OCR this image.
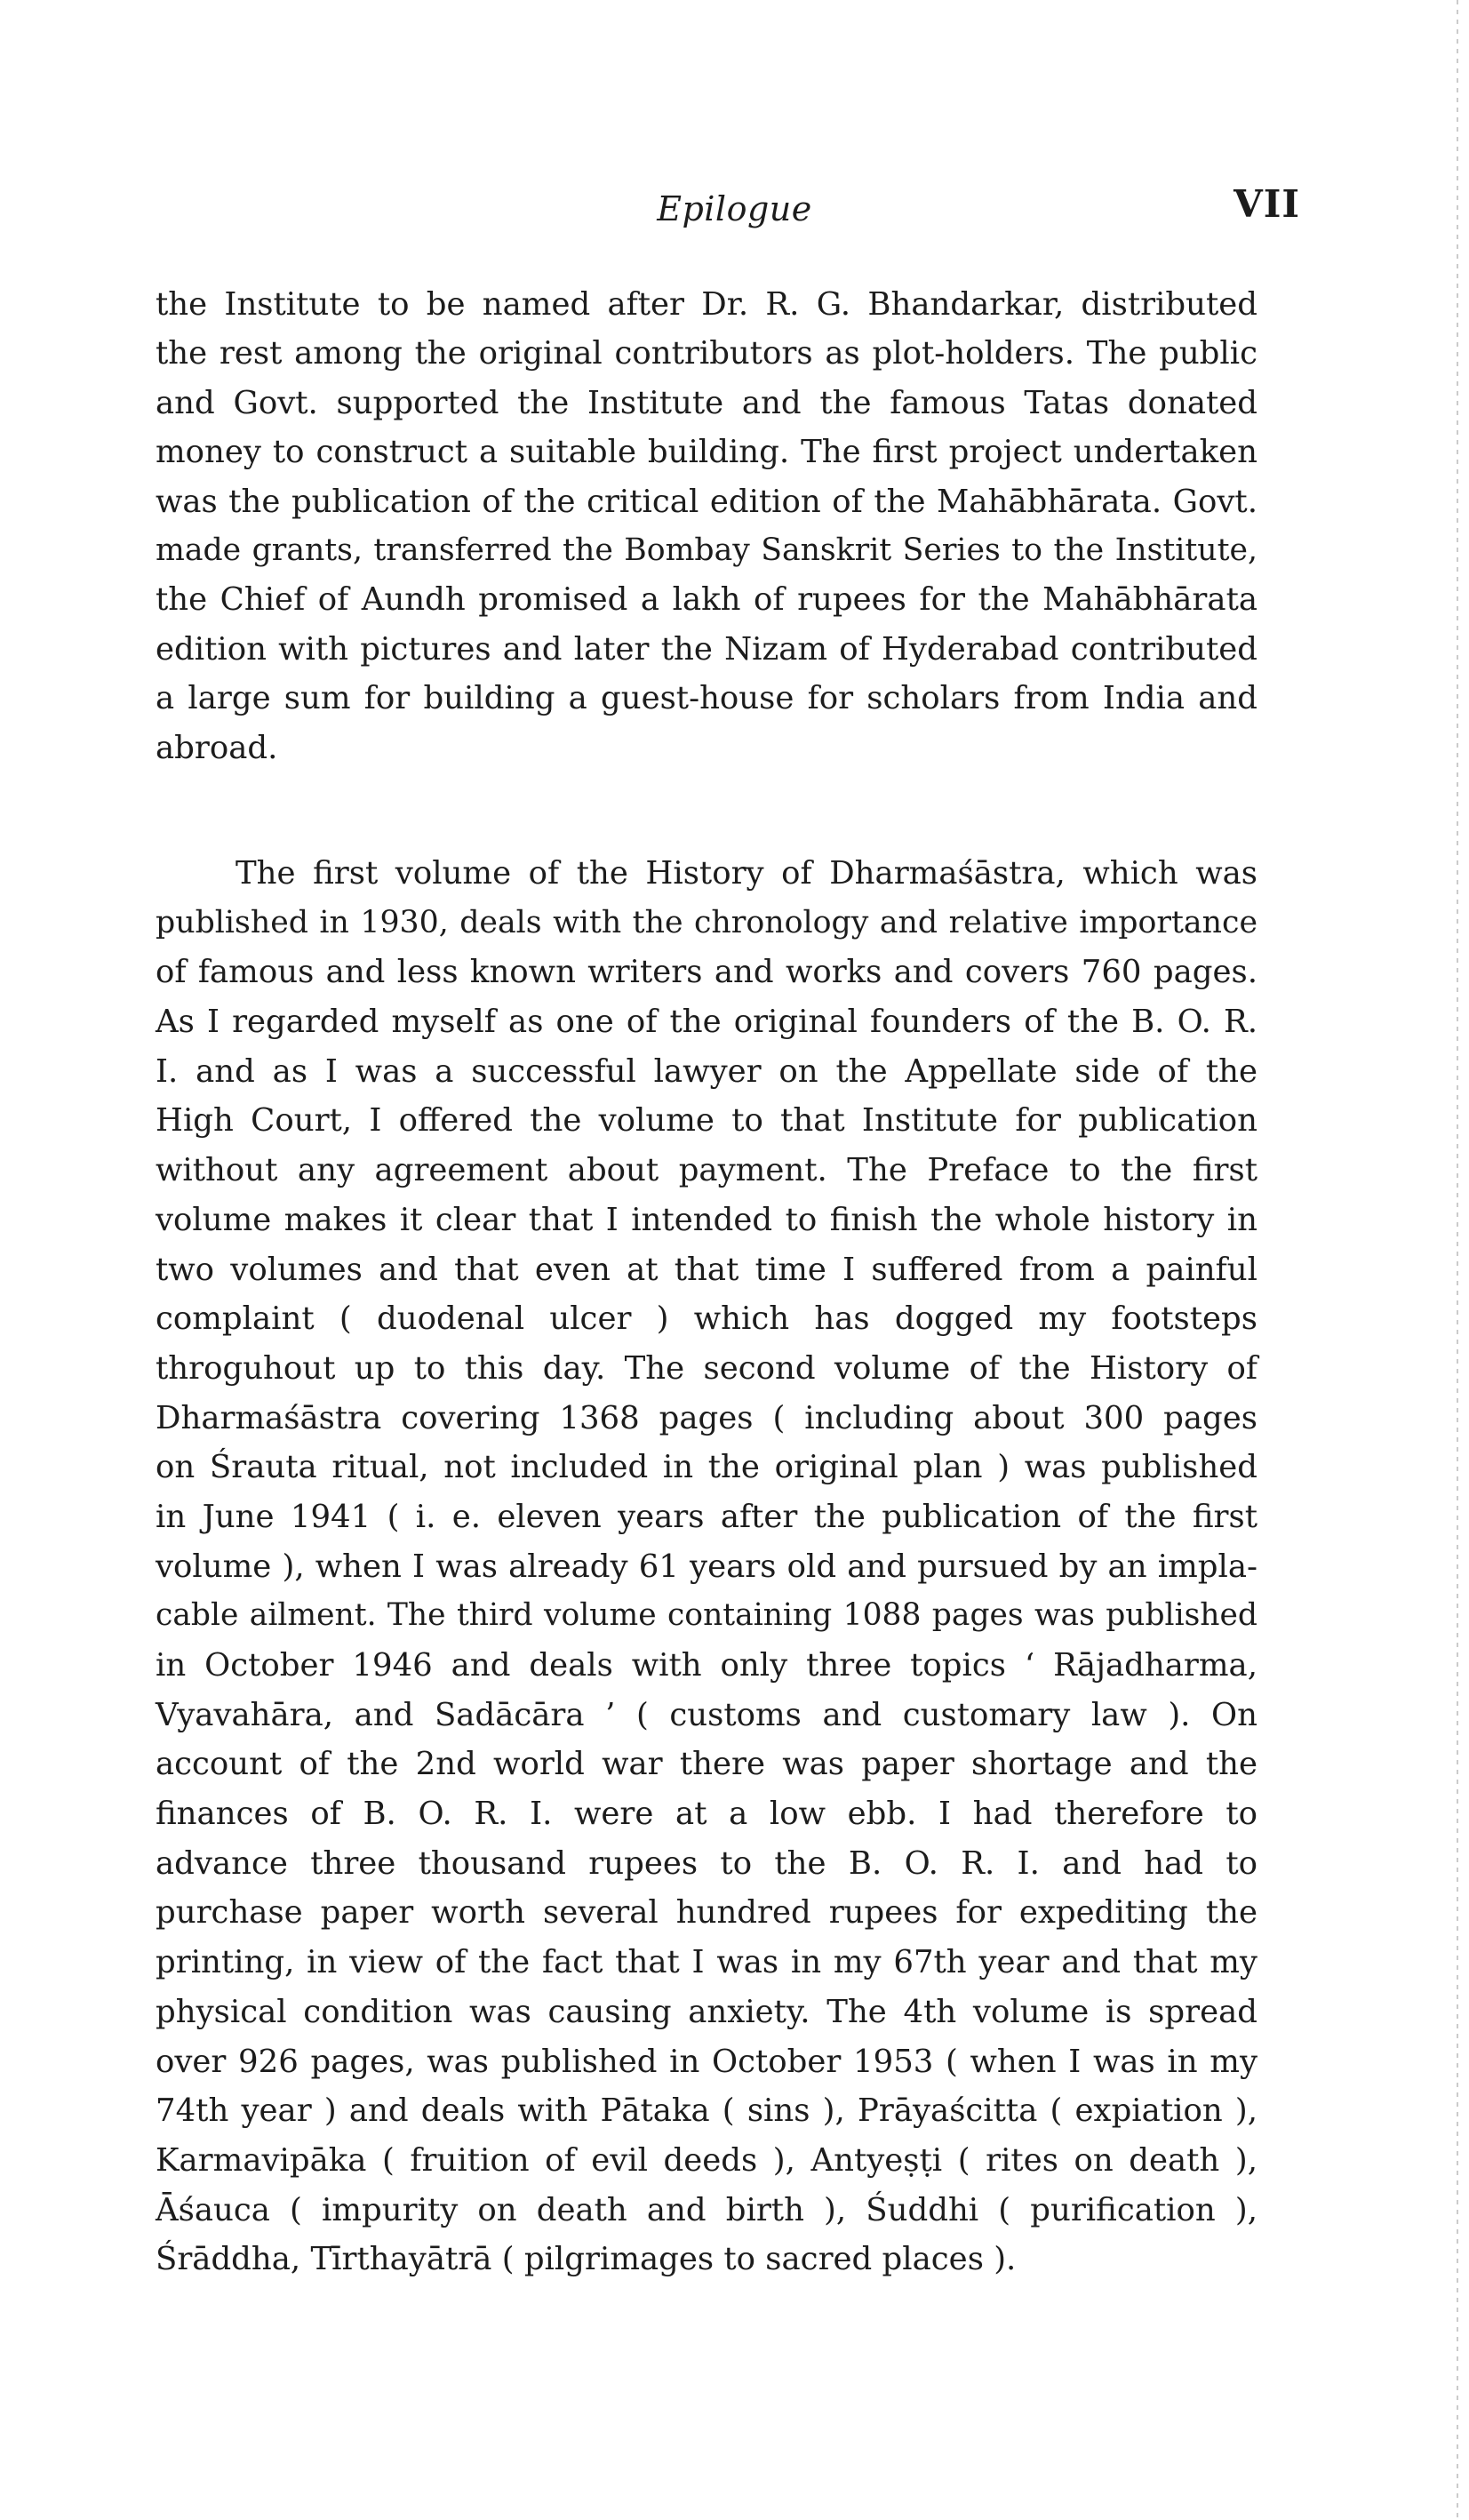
Epilogue	VII
the Institute to be named after Dr. R. G. Bhandarkar, distributed
the rest among the original contributors as plot-holders. The public
and Govt. supported the Institute and the famous Tatas donated
money to construct a suitable building. The first project undertaken
was the publication of the critical edition of the Mahābhārata. Govt.
made grants, transferred the Bombay Sanskrit Series to the Institute,
the Chief of Aundh promised a lakh of rupees for the Mahābhārata
edition with pictures and later the Nizam of Hyderabad contributed
a large sum for building a guest-house for scholars from India and
abroad.
The first volume of the History of Dharmaśāstra, which was
published in 1930, deals with the chronology and relative importance
of famous and less known writers and works and covers 760 pages.
As I regarded myself as one of the original founders of the B. O. R.
I. and as I was a successful lawyer on the Appellate side of the
High Court, I offered the volume to that Institute for publication
without any agreement about payment. The Preface to the first
volume makes it clear that I intended to finish the whole history in
two volumes and that even at that time I suffered from a painful
complaint ( duodenal ulcer ) which has dogged my footsteps
throguhout up to this day. The second volume of the History of
Dharmaśāstra covering 1368 pages ( including about 300 pages
on Śrauta ritual, not included in the original plan ) was published
in June 1941 ( i. e. eleven years after the publication of the first
volume ), when I was already 61 years old and pursued by an impla-
cable ailment. The third volume containing 1088 pages was published
in October 1946 and deals with only three topics ‘ Rājadharma,
Vyavahāra, and Sadācāra ’ ( customs and customary law ). On
account of the 2nd world war there was paper shortage and the
finances of B. O. R. I. were at a low ebb. I had therefore to
advance three thousand rupees to the B. O. R. I. and had to
purchase paper worth several hundred rupees for expediting the
printing, in view of the fact that I was in my 67th year and that my
physical condition was causing anxiety. The 4th volume is spread
over 926 pages, was published in October 1953 ( when I was in my
74th year ) and deals with Pātaka ( sins ), Prāyaścitta ( expiation ),
Karmavipāka ( fruition of evil deeds ), Antyeṣṭi ( rites on death ),
Āśauca ( impurity on death and birth ), Śuddhi ( purification ),
Śrāddha, Tīrthayātrā ( pilgrimages to sacred places ).
